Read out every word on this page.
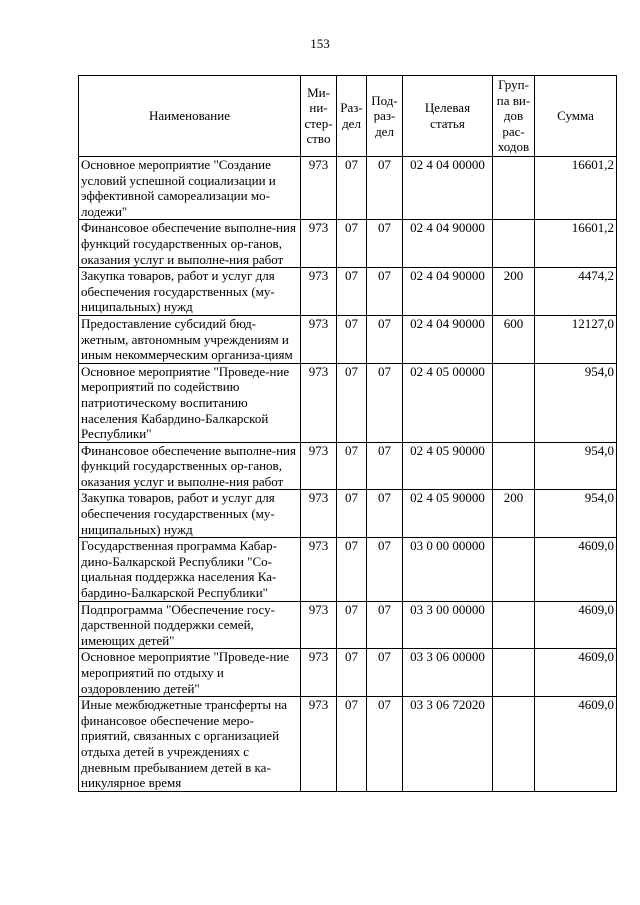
153
Наименование	Ми-
ни-
стер-
ство	Раз-
дел	Под-
раз-
дел	Целевая
статья	Груп-
па ви-
дов
рас-
ходов	Сумма
Основное мероприятие "Создание условий успешной социализации и эффективной самореализации мо-лодежи"	973	07	07	02 4 04 00000		16601,2
Финансовое обеспечение выполне-ния функций государственных ор-ганов, оказания услуг и выполне-ния работ	973	07	07	02 4 04 90000		16601,2
Закупка товаров, работ и услуг для обеспечения государственных (му-ниципальных) нужд	973	07	07	02 4 04 90000	200	4474,2
Предоставление субсидий бюд-жетным, автономным учреждениям и иным некоммерческим организа-циям	973	07	07	02 4 04 90000	600	12127,0
Основное мероприятие "Проведе-ние мероприятий по содействию патриотическому воспитанию населения Кабардино-Балкарской Республики"	973	07	07	02 4 05 00000		954,0
Финансовое обеспечение выполне-ния функций государственных ор-ганов, оказания услуг и выполне-ния работ	973	07	07	02 4 05 90000		954,0
Закупка товаров, работ и услуг для обеспечения государственных (му-ниципальных) нужд	973	07	07	02 4 05 90000	200	954,0
Государственная программа Кабар-дино-Балкарской Республики "Со-циальная поддержка населения Ка-бардино-Балкарской Республики"	973	07	07	03 0 00 00000		4609,0
Подпрограмма "Обеспечение госу-дарственной поддержки семей, имеющих детей"	973	07	07	03 3 00 00000		4609,0
Основное мероприятие "Проведе-ние мероприятий по отдыху и оздоровлению детей"	973	07	07	03 3 06 00000		4609,0
Иные межбюджетные трансферты на финансовое обеспечение меро-приятий, связанных с организацией отдыха детей в учреждениях с дневным пребыванием детей в ка-никулярное время	973	07	07	03 3 06 72020		4609,0
